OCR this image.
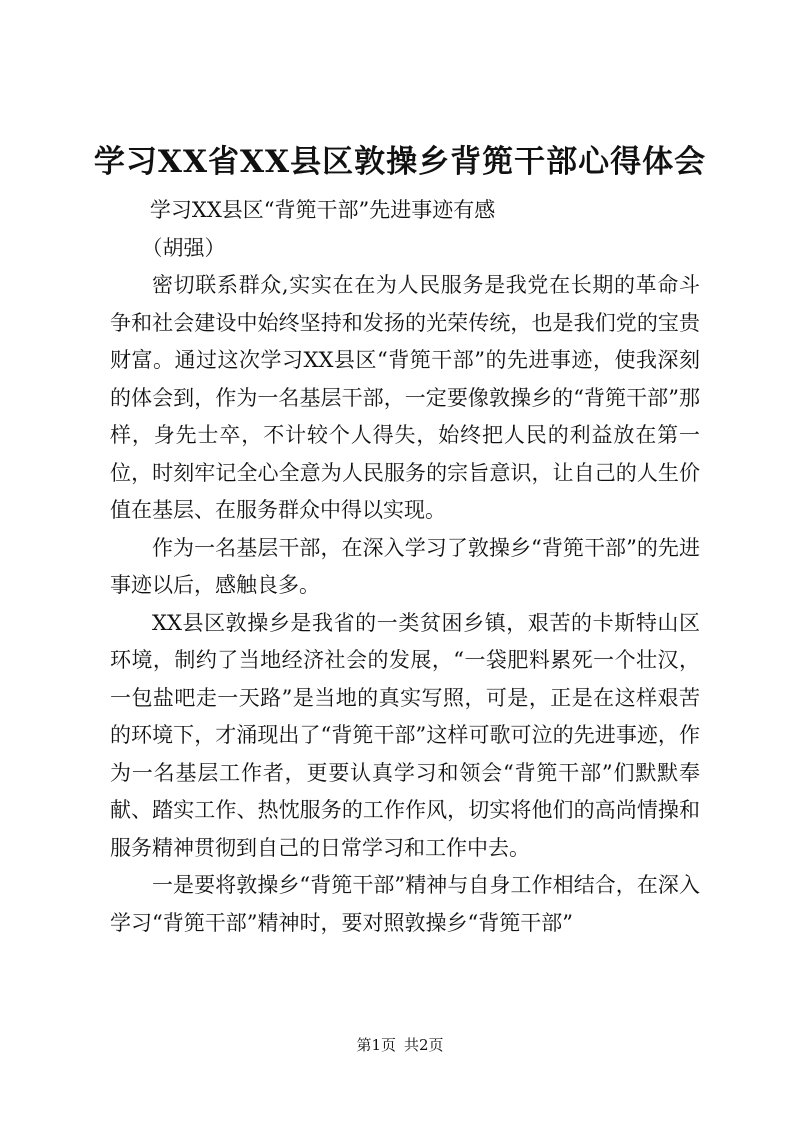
学习XX省XX县区敦操乡背篼干部心得体会

学习XX县区“背篼干部”先进事迹有感

（胡强）

密切联系群众,实实在在为人民服务是我党在长期的革命斗争和社会建设中始终坚持和发扬的光荣传统，也是我们党的宝贵财富。通过这次学习XX县区“背篼干部”的先进事迹，使我深刻的体会到，作为一名基层干部，一定要像敦操乡的“背篼干部”那样，身先士卒，不计较个人得失，始终把人民的利益放在第一位，时刻牢记全心全意为人民服务的宗旨意识，让自己的人生价值在基层、在服务群众中得以实现。

作为一名基层干部，在深入学习了敦操乡“背篼干部”的先进事迹以后，感触良多。

XX县区敦操乡是我省的一类贫困乡镇，艰苦的卡斯特山区环境，制约了当地经济社会的发展，“一袋肥料累死一个壮汉，一包盐吧走一天路”是当地的真实写照，可是，正是在这样艰苦的环境下，才涌现出了“背篼干部”这样可歌可泣的先进事迹，作为一名基层工作者，更要认真学习和领会“背篼干部”们默默奉献、踏实工作、热忱服务的工作作风，切实将他们的高尚情操和服务精神贯彻到自己的日常学习和工作中去。

一是要将敦操乡“背篼干部”精神与自身工作相结合，在深入学习“背篼干部”精神时，要对照敦操乡“背篼干部”

第1页 共2页
